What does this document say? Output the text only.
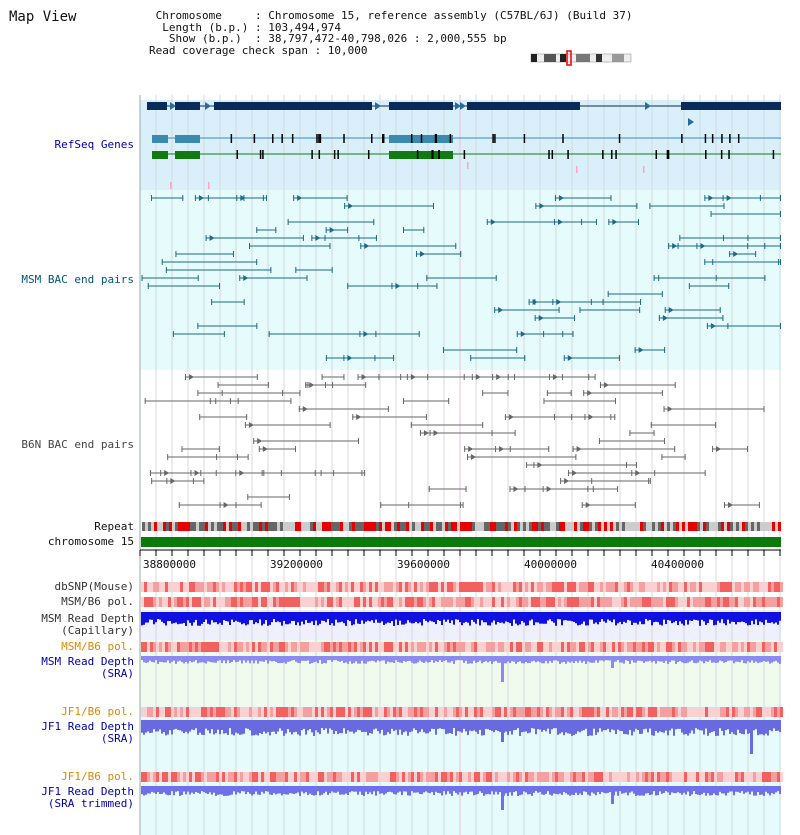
Map View	Chromosome     : Chromosome 15, reference assembly (C57BL/6J) (Build 37)
Length (b.p.) : 103,494,974
Show (b.p.)  : 38,797,472-40,798,026 : 2,000,555 bp
Read coverage check span : 10,000
RefSeq Genes
MSM BAC end pairs
B6N BAC end pairs
Repeat
chromosome 15
dbSNP(Mouse)
MSM/B6 pol.
MSM Read Depth
(Capillary)
MSM/B6 pol.
MSM Read Depth
(SRA)
JF1/B6 pol.
JF1 Read Depth
(SRA)
JF1/B6 pol.
JF1 Read Depth
(SRA trimmed)
38800000	39200000	39600000	40000000	40400000
